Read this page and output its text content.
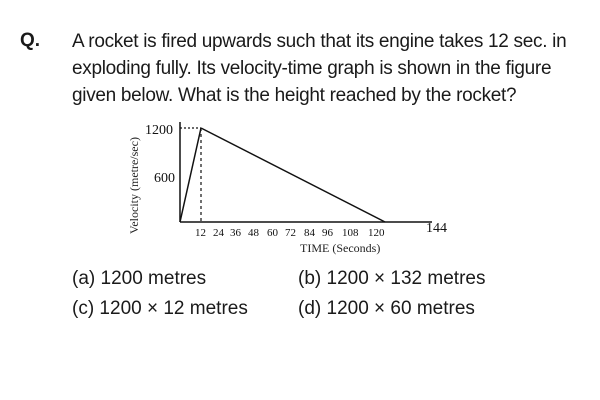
Q. A rocket is fired upwards such that its engine takes 12 sec. in exploding fully. Its velocity-time graph is shown in the figure given below. What is the height reached by the rocket?
Velocity (metre/sec)
1200
600
12 24 36 48 60 72 84 96 108 120	144
TIME (Seconds)
(a) 1200 metres	(b) 1200 × 132 metres
(c) 1200 × 12 metres	(d) 1200 × 60 metres
